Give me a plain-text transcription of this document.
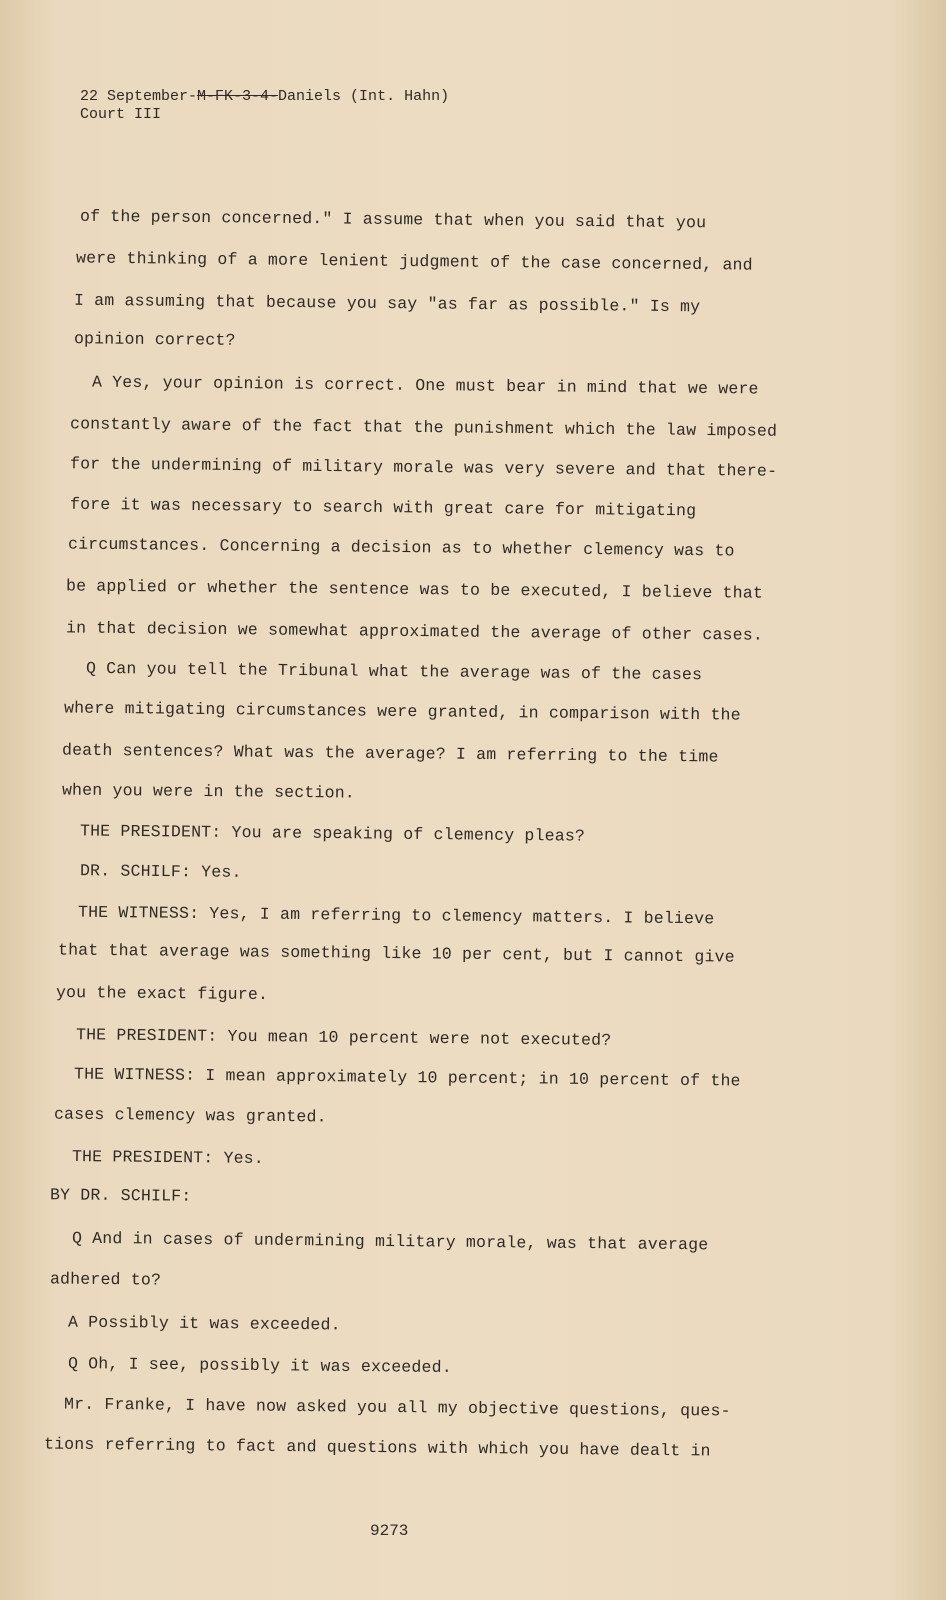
22 September-M-FK-3-4-Daniels (Int. Hahn)
Court III
of the person concerned." I assume that when you said that you
were thinking of a more lenient judgment of the case concerned, and
I am assuming that because you say "as far as possible." Is my
opinion correct?
A Yes, your opinion is correct. One must bear in mind that we were
constantly aware of the fact that the punishment which the law imposed
for the undermining of military morale was very severe and that there-
fore it was necessary to search with great care for mitigating
circumstances. Concerning a decision as to whether clemency was to
be applied or whether the sentence was to be executed, I believe that
in that decision we somewhat approximated the average of other cases.
Q Can you tell the Tribunal what the average was of the cases
where mitigating circumstances were granted, in comparison with the
death sentences? What was the average? I am referring to the time
when you were in the section.
THE PRESIDENT: You are speaking of clemency pleas?
DR. SCHILF: Yes.
THE WITNESS: Yes, I am referring to clemency matters. I believe
that that average was something like 10 per cent, but I cannot give
you the exact figure.
THE PRESIDENT: You mean 10 percent were not executed?
THE WITNESS: I mean approximately 10 percent; in 10 percent of the
cases clemency was granted.
THE PRESIDENT: Yes.
BY DR. SCHILF:
Q And in cases of undermining military morale, was that average
adhered to?
A Possibly it was exceeded.
Q Oh, I see, possibly it was exceeded.
Mr. Franke, I have now asked you all my objective questions, ques-
tions referring to fact and questions with which you have dealt in
9273
